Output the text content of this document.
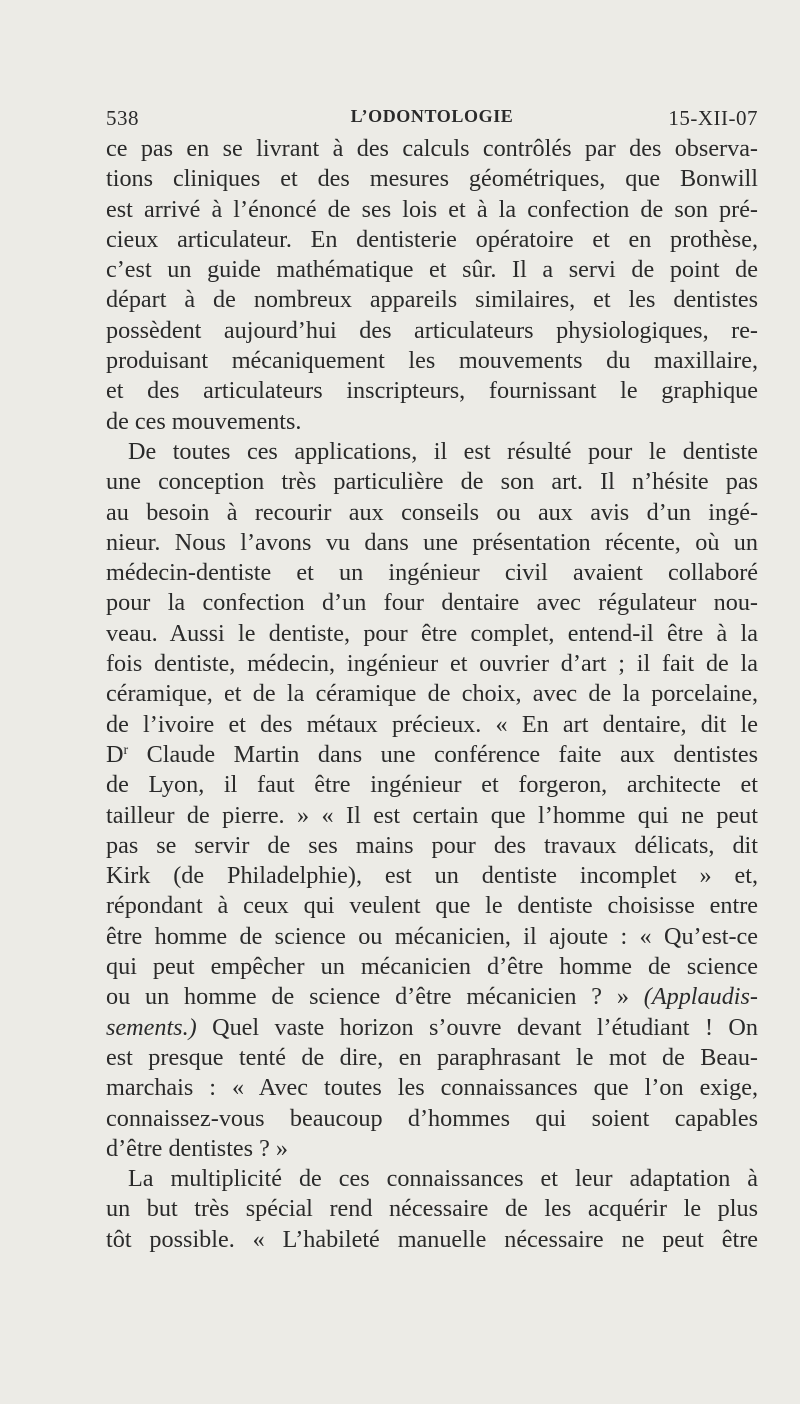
538	L’ODONTOLOGIE	15-XII-07

ce pas en se livrant à des calculs contrôlés par des observa-
tions cliniques et des mesures géométriques, que Bonwill
est arrivé à l’énoncé de ses lois et à la confection de son pré-
cieux articulateur. En dentisterie opératoire et en prothèse,
c’est un guide mathématique et sûr. Il a servi de point de
départ à de nombreux appareils similaires, et les dentistes
possèdent aujourd’hui des articulateurs physiologiques, re-
produisant mécaniquement les mouvements du maxillaire,
et des articulateurs inscripteurs, fournissant le graphique
de ces mouvements.

De toutes ces applications, il est résulté pour le dentiste
une conception très particulière de son art. Il n’hésite pas
au besoin à recourir aux conseils ou aux avis d’un ingé-
nieur. Nous l’avons vu dans une présentation récente, où un
médecin-dentiste et un ingénieur civil avaient collaboré
pour la confection d’un four dentaire avec régulateur nou-
veau. Aussi le dentiste, pour être complet, entend-il être à la
fois dentiste, médecin, ingénieur et ouvrier d’art ; il fait de la
céramique, et de la céramique de choix, avec de la porcelaine,
de l’ivoire et des métaux précieux. « En art dentaire, dit le
$D^r$ Claude Martin dans une conférence faite aux dentistes
de Lyon, il faut être ingénieur et forgeron, architecte et
tailleur de pierre. » « Il est certain que l’homme qui ne peut
pas se servir de ses mains pour des travaux délicats, dit
Kirk (de Philadelphie), est un dentiste incomplet » et,
répondant à ceux qui veulent que le dentiste choisisse entre
être homme de science ou mécanicien, il ajoute : « Qu’est-ce
qui peut empêcher un mécanicien d’être homme de science
ou un homme de science d’être mécanicien ? » (Applaudis-
sements.) Quel vaste horizon s’ouvre devant l’étudiant ! On
est presque tenté de dire, en paraphrasant le mot de Beau-
marchais : « Avec toutes les connaissances que l’on exige,
connaissez-vous beaucoup d’hommes qui soient capables
d’être dentistes ? »

La multiplicité de ces connaissances et leur adaptation à
un but très spécial rend nécessaire de les acquérir le plus
tôt possible. « L’habileté manuelle nécessaire ne peut être
